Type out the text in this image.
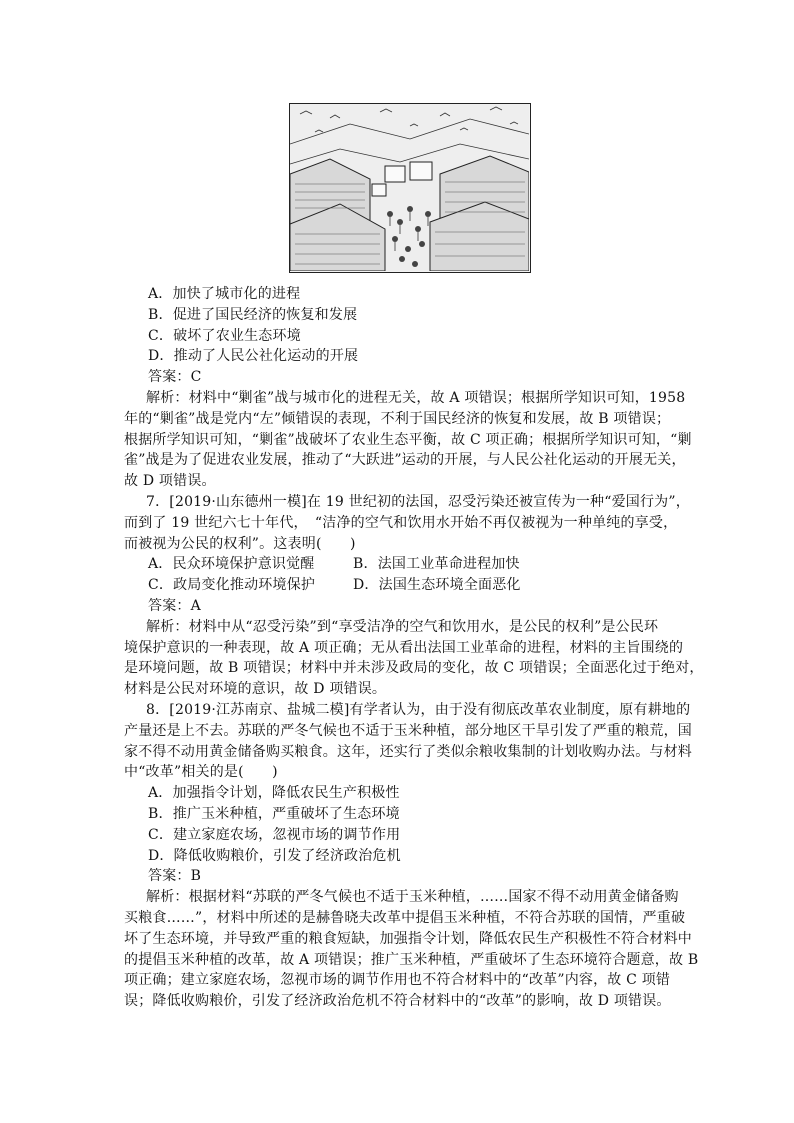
A．加快了城市化的进程
B．促进了国民经济的恢复和发展
C．破坏了农业生态环境
D．推动了人民公社化运动的开展
答案：C
解析：材料中“剿雀”战与城市化的进程无关，故 A 项错误；根据所学知识可知，1958
年的“剿雀”战是党内“左”倾错误的表现，不利于国民经济的恢复和发展，故 B 项错误；
根据所学知识可知，“剿雀”战破坏了农业生态平衡，故 C 项正确；根据所学知识可知，“剿
雀”战是为了促进农业发展，推动了“大跃进”运动的开展，与人民公社化运动的开展无关，
故 D 项错误。
7．[2019·山东德州一模]在 19 世纪初的法国，忍受污染还被宣传为一种“爱国行为”，
而到了 19 世纪六七十年代，　“洁净的空气和饮用水开始不再仅被视为一种单纯的享受，
而被视为公民的权利”。这表明(　　)
A．民众环境保护意识觉醒	B．法国工业革命进程加快
C．政局变化推动环境保护	D．法国生态环境全面恶化
答案：A
解析：材料中从“忍受污染”到“享受洁净的空气和饮用水，是公民的权利”是公民环
境保护意识的一种表现，故 A 项正确；无从看出法国工业革命的进程，材料的主旨围绕的
是环境问题，故 B 项错误；材料中并未涉及政局的变化，故 C 项错误；全面恶化过于绝对，
材料是公民对环境的意识，故 D 项错误。
8．[2019·江苏南京、盐城二模]有学者认为，由于没有彻底改革农业制度，原有耕地的
产量还是上不去。苏联的严冬气候也不适于玉米种植，部分地区干旱引发了严重的粮荒，国
家不得不动用黄金储备购买粮食。这年，还实行了类似余粮收集制的计划收购办法。与材料
中“改革”相关的是(　　)
A．加强指令计划，降低农民生产积极性
B．推广玉米种植，严重破坏了生态环境
C．建立家庭农场，忽视市场的调节作用
D．降低收购粮价，引发了经济政治危机
答案：B
解析：根据材料“苏联的严冬气候也不适于玉米种植，……国家不得不动用黄金储备购
买粮食……”，材料中所述的是赫鲁晓夫改革中提倡玉米种植，不符合苏联的国情，严重破
坏了生态环境，并导致严重的粮食短缺，加强指令计划，降低农民生产积极性不符合材料中
的提倡玉米种植的改革，故 A 项错误；推广玉米种植，严重破坏了生态环境符合题意，故 B
项正确；建立家庭农场，忽视市场的调节作用也不符合材料中的“改革”内容，故 C 项错
误；降低收购粮价，引发了经济政治危机不符合材料中的“改革”的影响，故 D 项错误。
